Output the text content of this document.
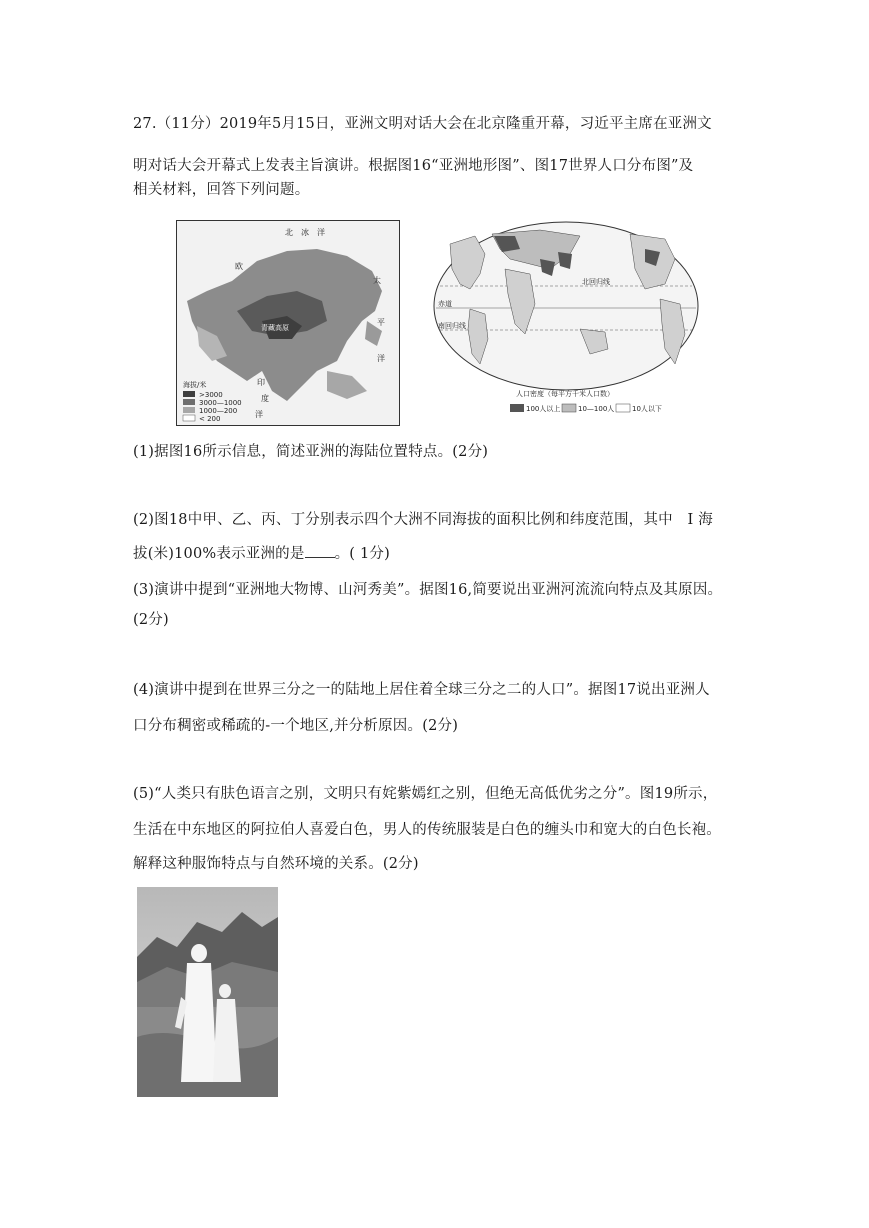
27.（11分）2019年5月15日，亚洲文明对话大会在北京隆重开幕，习近平主席在亚洲文

明对话大会开幕式上发表主旨演讲。根据图16“亚洲地形图”、图17世界人口分布图”及

相关材料，回答下列问题。

北 冰 洋
欧
太
平
洋
青藏高原
印
度
洋
海拔/米
>3000
3000—1000
1000—200
< 200
北回归线
赤道
南回归线
人口密度（每平方千米人口数）
100人以上	10—100人	10人以下

(1)据图16所示信息，简述亚洲的海陆位置特点。(2分)

(2)图18中甲、乙、丙、丁分别表示四个大洲不同海拔的面积比例和纬度范围，其中　I 海

拔(米)100%表示亚洲的是 。( 1分)

(3)演讲中提到“亚洲地大物博、山河秀美”。据图16,简要说出亚洲河流流向特点及其原因。

(2分)

(4)演讲中提到在世界三分之一的陆地上居住着全球三分之二的人口”。据图17说出亚洲人

口分布稠密或稀疏的-一个地区,并分析原因。(2分)

(5)“人类只有肤色语言之别，文明只有姹紫嫣红之别，但绝无高低优劣之分”。图19所示，

生活在中东地区的阿拉伯人喜爱白色，男人的传统服装是白色的缠头巾和宽大的白色长袍。

解释这种服饰特点与自然环境的关系。(2分)
